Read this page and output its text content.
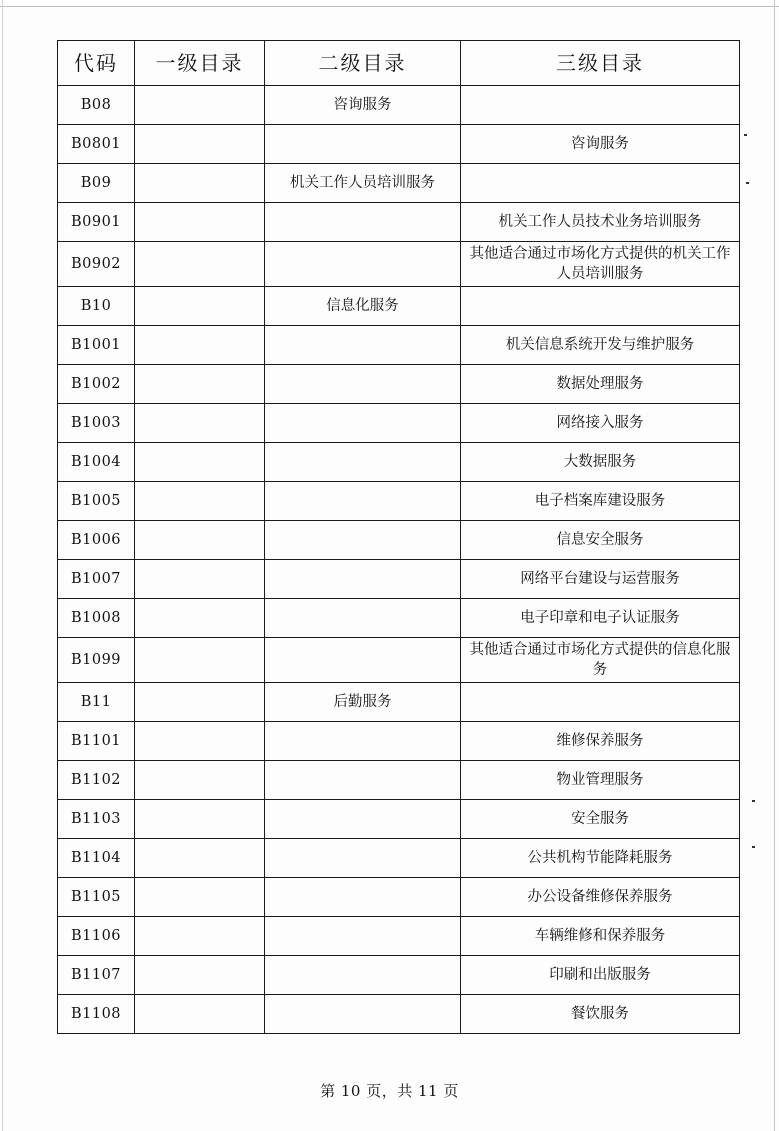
代码	一级目录	二级目录	三级目录
B08		咨询服务	
B0801			咨询服务
B09		机关工作人员培训服务	
B0901			机关工作人员技术业务培训服务
B0902			其他适合通过市场化方式提供的机关工作人员培训服务
B10		信息化服务	
B1001			机关信息系统开发与维护服务
B1002			数据处理服务
B1003			网络接入服务
B1004			大数据服务
B1005			电子档案库建设服务
B1006			信息安全服务
B1007			网络平台建设与运营服务
B1008			电子印章和电子认证服务
B1099			其他适合通过市场化方式提供的信息化服务
B11		后勤服务	
B1101			维修保养服务
B1102			物业管理服务
B1103			安全服务
B1104			公共机构节能降耗服务
B1105			办公设备维修保养服务
B1106			车辆维修和保养服务
B1107			印刷和出版服务
B1108			餐饮服务
第 10 页，共 11 页
